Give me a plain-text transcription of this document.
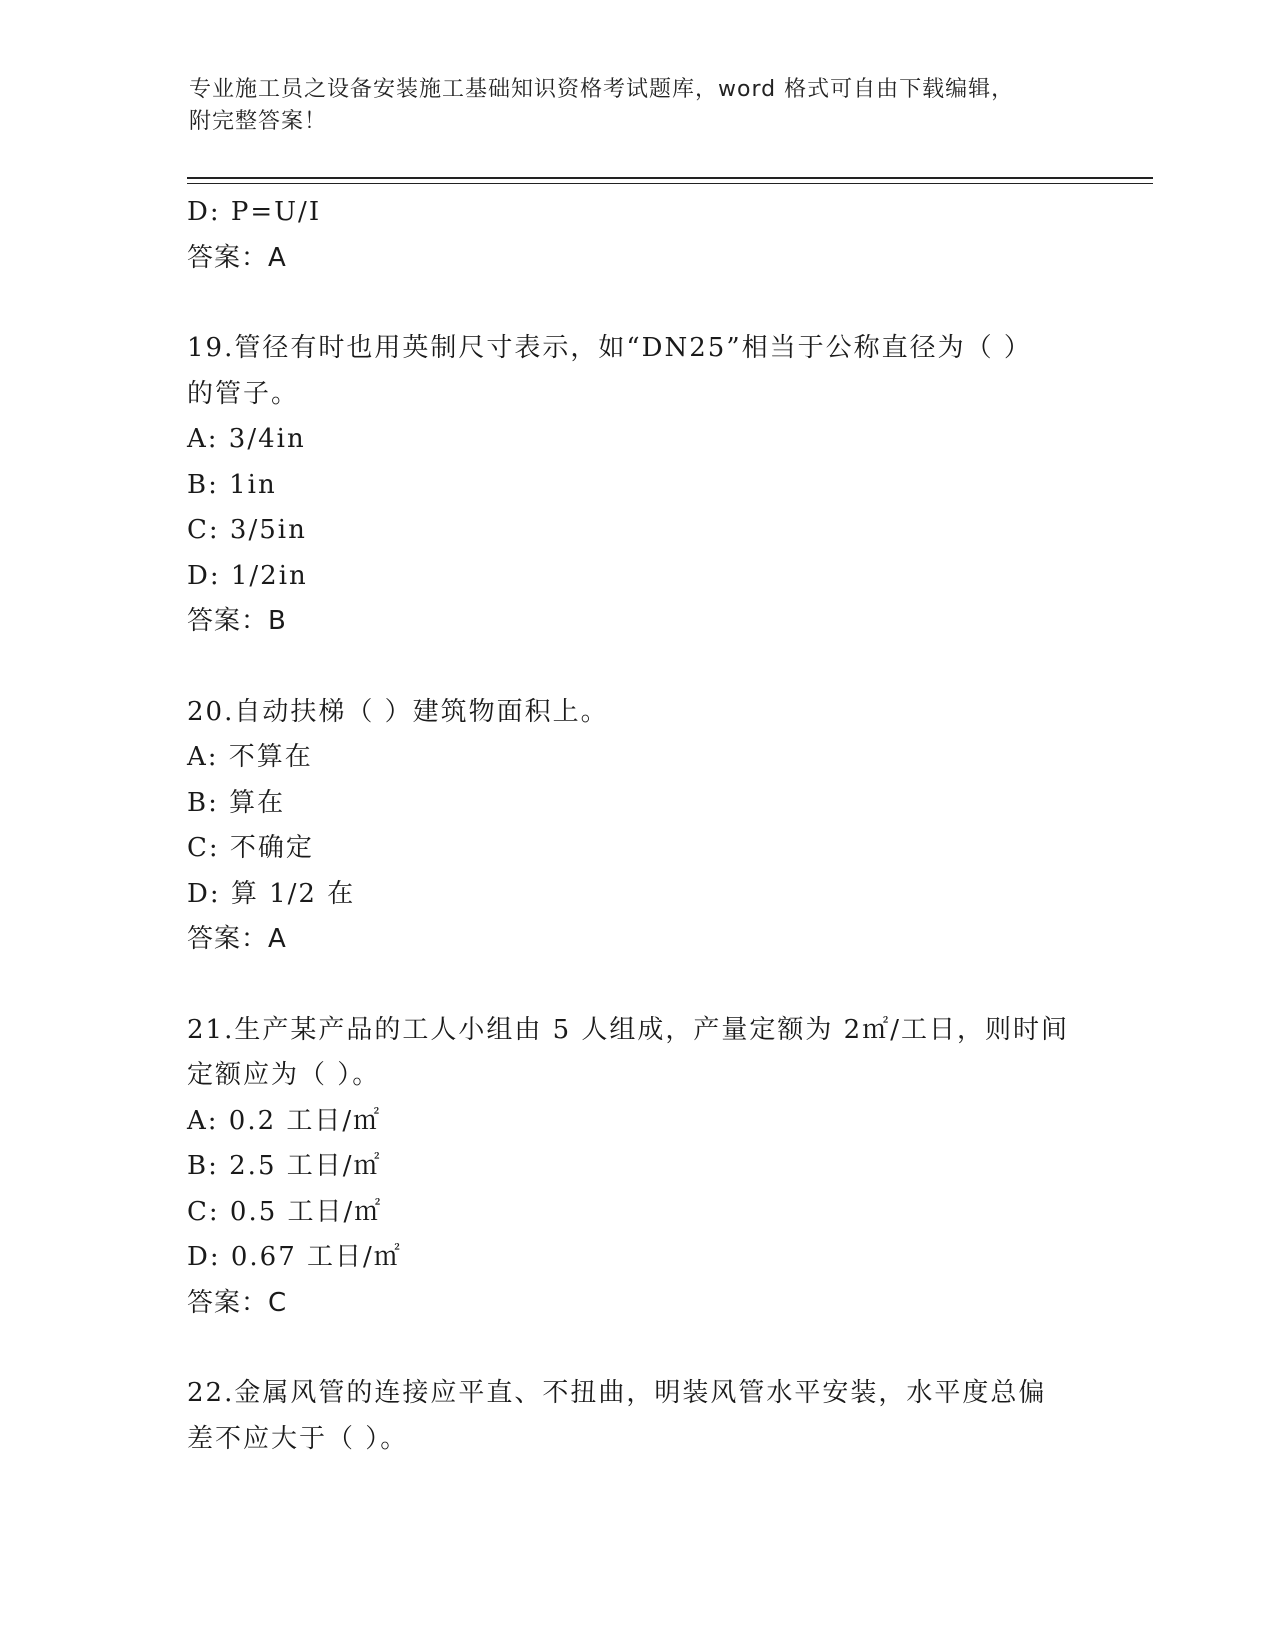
专业施工员之设备安装施工基础知识资格考试题库，word 格式可自由下载编辑，
附完整答案！
D: P=U/I
答案：A
19.管径有时也用英制尺寸表示，如“DN25”相当于公称直径为（ ）
的管子。
A: 3/4in
B: 1in
C: 3/5in
D: 1/2in
答案：B
20.自动扶梯（ ）建筑物面积上。
A: 不算在
B: 算在
C: 不确定
D: 算 1/2 在
答案：A
21.生产某产品的工人小组由 5 人组成，产量定额为 2㎡/工日，则时间
定额应为（ ）。
A: 0.2 工日/㎡
B: 2.5 工日/㎡
C: 0.5 工日/㎡
D: 0.67 工日/㎡
答案：C
22.金属风管的连接应平直、不扭曲，明装风管水平安装，水平度总偏
差不应大于（ ）。
